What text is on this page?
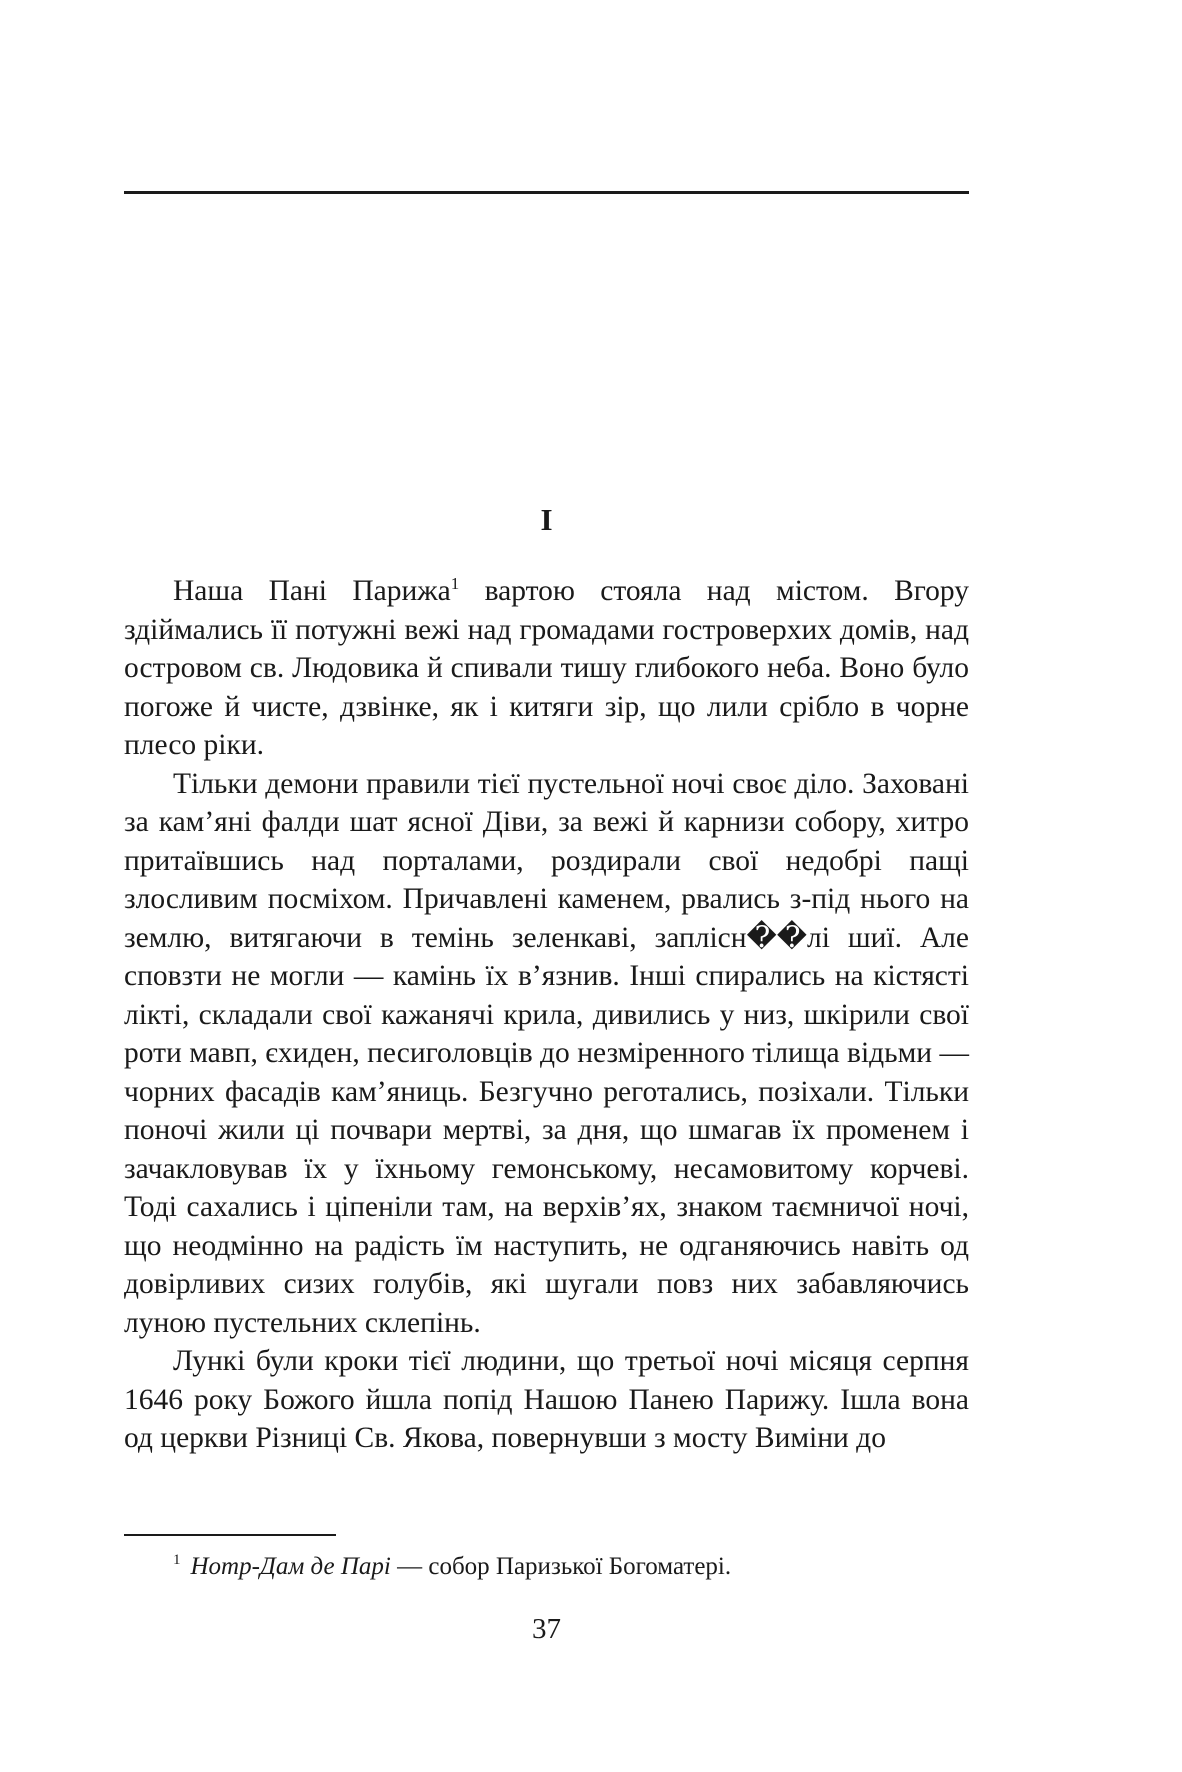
I

Наша Пані Парижа$^1$ вартою стояла над містом. Вгору здіймались її потужні вежі над громадами гостроверхих домів, над островом св. Людовика й спивали тишу глибокого неба. Воно було погоже й чисте, дзвінке, як і китяги зір, що лили срібло в чорне плесо ріки.

Тільки демони правили тієї пустельної ночі своє діло. Заховані за кам’яні фалди шат ясної Діви, за вежі й карнизи собору, хитро притаївшись над порталами, роздирали свої недобрі пащі злосливим посміхом. Причавлені каменем, рвались з-під нього на землю, витягаючи в темінь зеленкаві, заплісн��лі шиї. Але сповзти не могли — камінь їх в’язнив. Інші спирались на кістясті лікті, складали свої кажанячі крила, дивились у низ, шкірили свої роти мавп, єхиден, песиголовців до незміренного тілища відьми — чорних фасадів кам’яниць. Безгучно реготались, позіхали. Тільки поночі жили ці почвари мертві, за дня, що шмагав їх променем і зачакловував їх у їхньому гемонському, несамовитому корчеві. Тоді сахались і ціпеніли там, на верхів’ях, знаком таємничої ночі, що неодмінно на радість їм наступить, не одганяючись навіть од довірливих сизих голубів, які шугали повз них забавляючись луною пустельних склепінь.

Лункі були кроки тієї людини, що третьої ночі місяця серпня 1646 року Божого йшла попід Нашою Панею Парижу. Ішла вона од церкви Різниці Св. Якова, повернувши з мосту Виміни до

$^1$ Нотр-Дам де Парі — собор Паризької Богоматері.
37
